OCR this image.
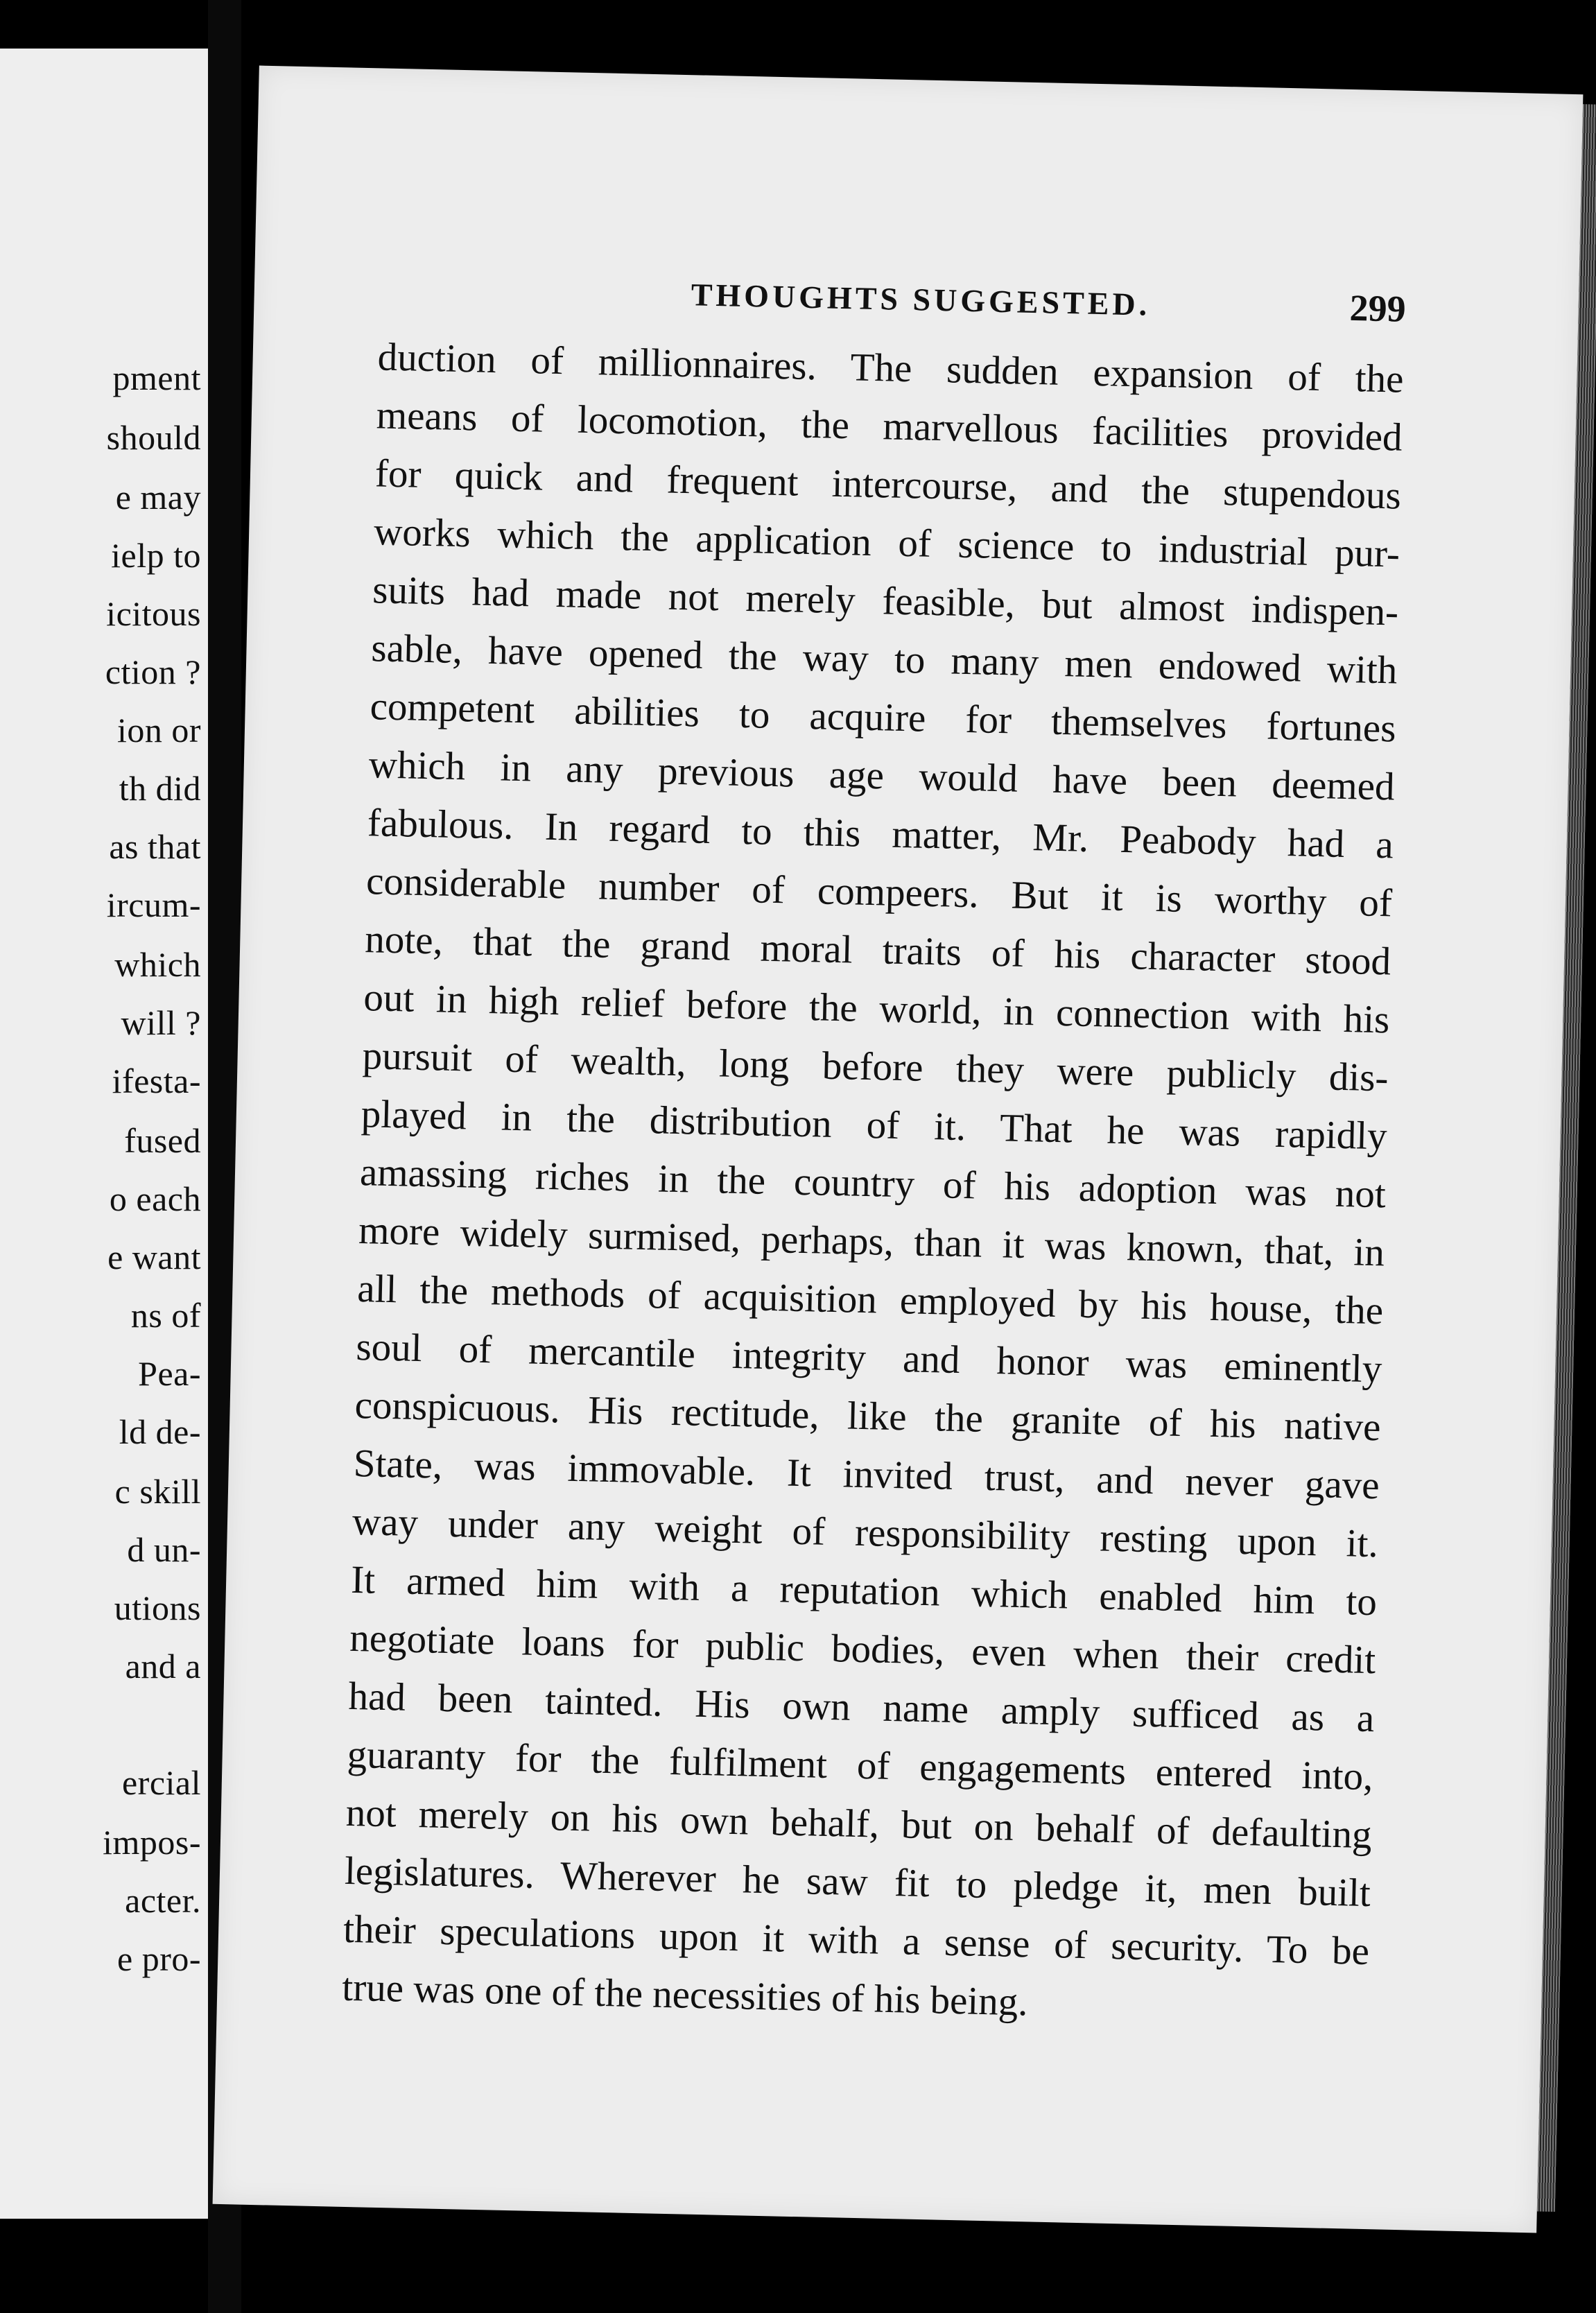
pment
should
e may
ielp to
icitous
ction ?
ion or
th did
as that
ircum-
which
will ?
ifesta-
fused
o each
e want
ns of
Pea-
ld de-
c skill
d un-
utions
and a
ercial
impos-
acter.
e pro-
THOUGHTS SUGGESTED.	299
duction of millionnaires. The sudden expansion of the
means of locomotion, the marvellous facilities provided
for quick and frequent intercourse, and the stupendous
works which the application of science to industrial pur-
suits had made not merely feasible, but almost indispen-
sable, have opened the way to many men endowed with
competent abilities to acquire for themselves fortunes
which in any previous age would have been deemed
fabulous. In regard to this matter, Mr. Peabody had a
considerable number of compeers. But it is worthy of
note, that the grand moral traits of his character stood
out in high relief before the world, in connection with his
pursuit of wealth, long before they were publicly dis-
played in the distribution of it. That he was rapidly
amassing riches in the country of his adoption was not
more widely surmised, perhaps, than it was known, that, in
all the methods of acquisition employed by his house, the
soul of mercantile integrity and honor was eminently
conspicuous. His rectitude, like the granite of his native
State, was immovable. It invited trust, and never gave
way under any weight of responsibility resting upon it.
It armed him with a reputation which enabled him to
negotiate loans for public bodies, even when their credit
had been tainted. His own name amply sufficed as a
guaranty for the fulfilment of engagements entered into,
not merely on his own behalf, but on behalf of defaulting
legislatures. Wherever he saw fit to pledge it, men built
their speculations upon it with a sense of security. To be
true was one of the necessities of his being.
